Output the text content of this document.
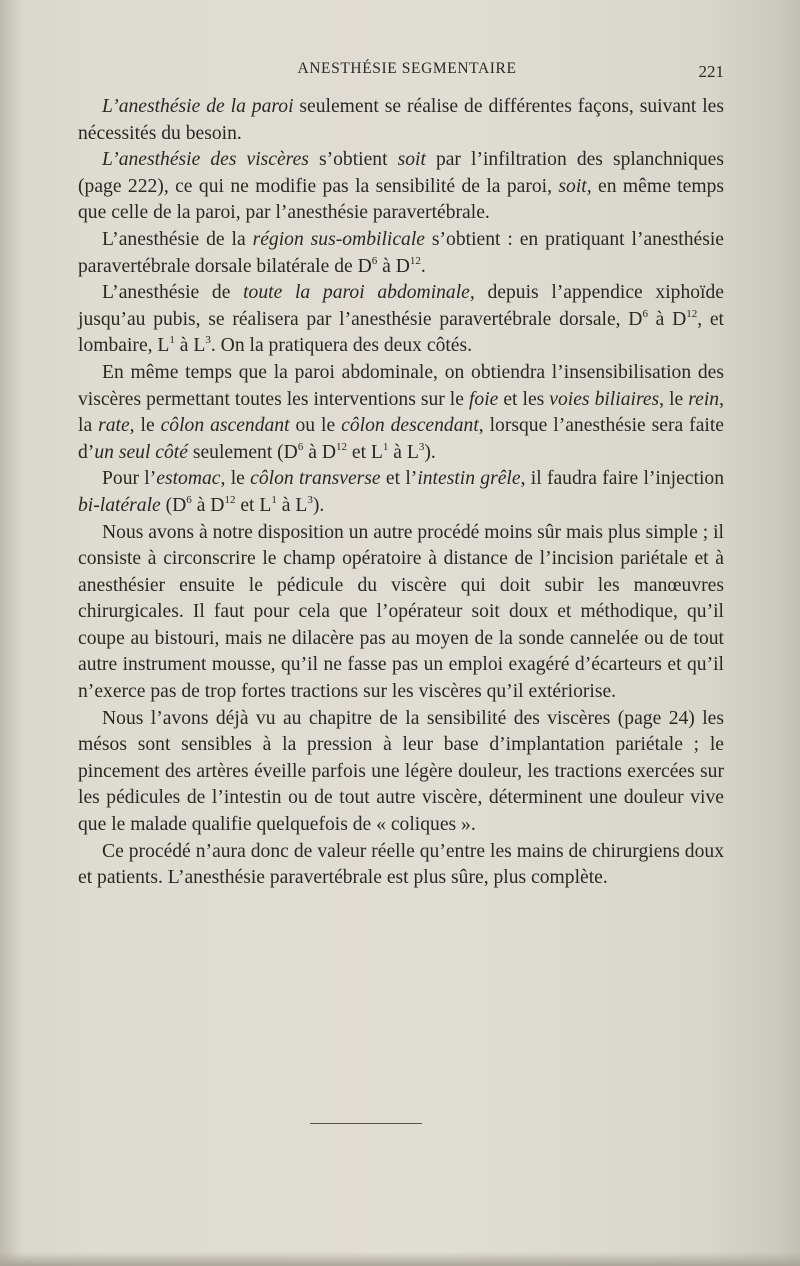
ANESTHÉSIE SEGMENTAIRE	221

L’anesthésie de la paroi seulement se réalise de différentes façons, suivant les nécessités du besoin.

L’anesthésie des viscères s’obtient soit par l’infiltration des splanchniques (page 222), ce qui ne modifie pas la sensibilité de la paroi, soit, en même temps que celle de la paroi, par l’anesthésie paravertébrale.

L’anesthésie de la région sus-ombilicale s’obtient : en pratiquant l’anesthésie paravertébrale dorsale bilatérale de $D^6$ à $D^{12}$.

L’anesthésie de toute la paroi abdominale, depuis l’appendice xiphoïde jusqu’au pubis, se réalisera par l’anesthésie paravertébrale dorsale, $D^6$ à $D^{12}$, et lombaire, $L^1$ à $L^3$. On la pratiquera des deux côtés.

En même temps que la paroi abdominale, on obtiendra l’insensibilisation des viscères permettant toutes les interventions sur le foie et les voies biliaires, le rein, la rate, le côlon ascendant ou le côlon descendant, lorsque l’anesthésie sera faite d’un seul côté seulement ($D^6$ à $D^{12}$ et $L^1$ à $L^3$).

Pour l’estomac, le côlon transverse et l’intestin grêle, il faudra faire l’injection bi-latérale ($D^6$ à $D^{12}$ et $L^1$ à $L^3$).

Nous avons à notre disposition un autre procédé moins sûr mais plus simple ; il consiste à circonscrire le champ opératoire à distance de l’incision pariétale et à anesthésier ensuite le pédicule du viscère qui doit subir les manœuvres chirurgicales. Il faut pour cela que l’opérateur soit doux et méthodique, qu’il coupe au bistouri, mais ne dilacère pas au moyen de la sonde cannelée ou de tout autre instrument mousse, qu’il ne fasse pas un emploi exagéré d’écarteurs et qu’il n’exerce pas de trop fortes tractions sur les viscères qu’il extériorise.

Nous l’avons déjà vu au chapitre de la sensibilité des viscères (page 24) les mésos sont sensibles à la pression à leur base d’implantation pariétale ; le pincement des artères éveille parfois une légère douleur, les tractions exercées sur les pédicules de l’intestin ou de tout autre viscère, déterminent une douleur vive que le malade qualifie quelquefois de « coliques ».

Ce procédé n’aura donc de valeur réelle qu’entre les mains de chirurgiens doux et patients. L’anesthésie paravertébrale est plus sûre, plus complète.
